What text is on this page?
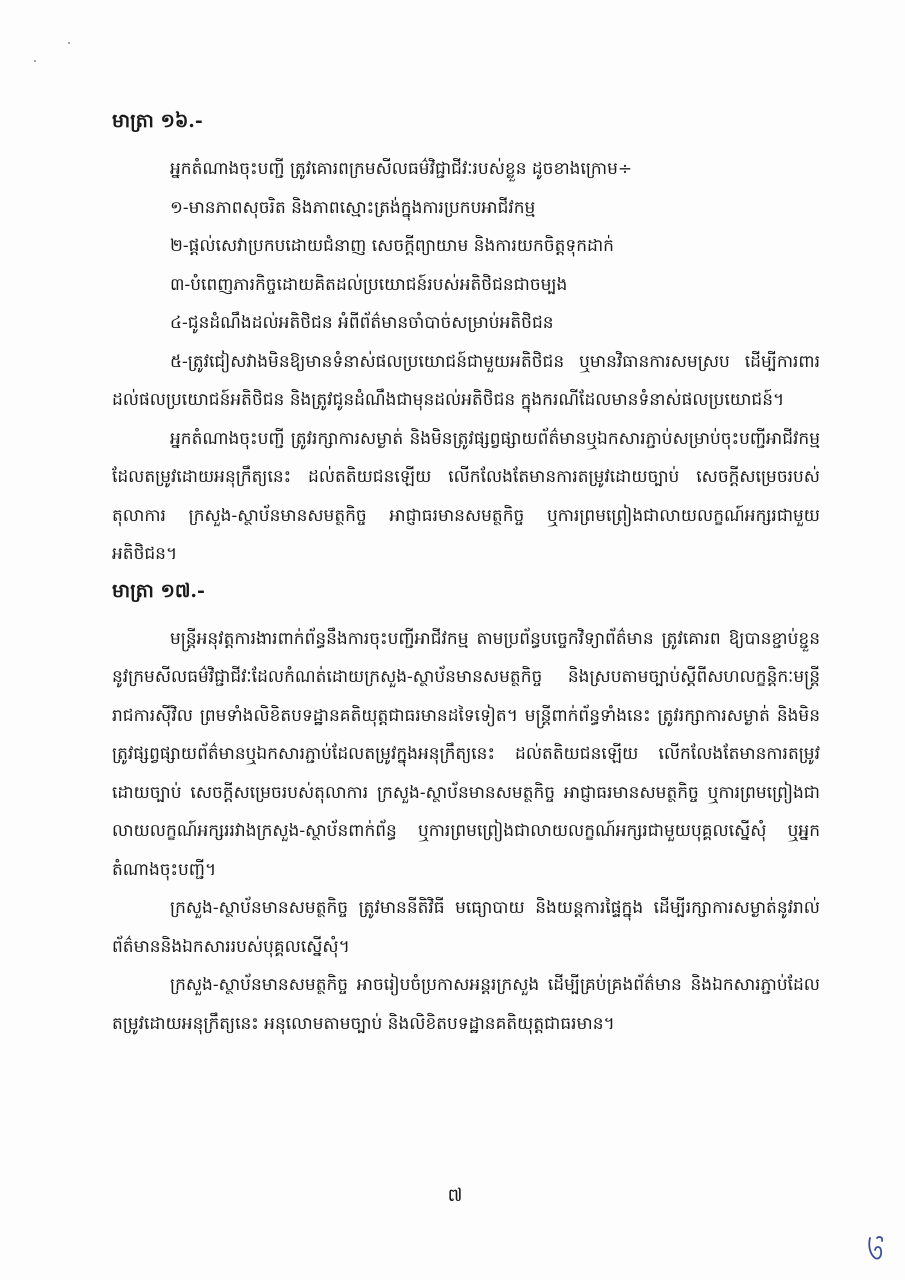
មាត្រា ១៦.-

អ្នកតំណាងចុះបញ្ជី ត្រូវគោរពក្រមសីលធម៌វិជ្ជាជីវៈរបស់ខ្លួន ដូចខាងក្រោម÷

១-មានភាពសុចរិត និងភាពស្មោះត្រង់ក្នុងការប្រកបអាជីវកម្ម

២-ផ្តល់សេវាប្រកបដោយជំនាញ សេចក្តីព្យាយាម និងការយកចិត្តទុកដាក់

៣-បំពេញភារកិច្ចដោយគិតដល់ប្រយោជន៍របស់អតិថិជនជាចម្បង

៤-ជូនដំណឹងដល់អតិថិជន អំពីព័ត៌មានចាំបាច់សម្រាប់អតិថិជន

៥-ត្រូវជៀសវាងមិនឱ្យមានទំនាស់ផលប្រយោជន៍ជាមួយអតិថិជន ឬមានវិធានការសមស្រប ដើម្បីការពារដល់ផលប្រយោជន៍អតិថិជន និងត្រូវជូនដំណឹងជាមុនដល់អតិថិជន ក្នុងករណីដែលមានទំនាស់ផលប្រយោជន៍។

អ្នកតំណាងចុះបញ្ជី ត្រូវរក្សាការសម្ងាត់ និងមិនត្រូវផ្សព្វផ្សាយព័ត៌មានឬឯកសារភ្ជាប់សម្រាប់ចុះបញ្ជីអាជីវកម្មដែលតម្រូវដោយអនុក្រឹត្យនេះ ដល់តតិយជនឡើយ លើកលែងតែមានការតម្រូវដោយច្បាប់ សេចក្តីសម្រេចរបស់តុលាការ ក្រសួង-ស្ថាប័នមានសមត្ថកិច្ច អាជ្ញាធរមានសមត្ថកិច្ច ឬការព្រមព្រៀងជាលាយលក្ខណ៍អក្សរជាមួយអតិថិជន។

មាត្រា ១៧.-

មន្ត្រីអនុវត្តការងារពាក់ព័ន្ធនឹងការចុះបញ្ជីអាជីវកម្ម តាមប្រព័ន្ធបច្ចេកវិទ្យាព័ត៌មាន ត្រូវគោរព ឱ្យបានខ្ជាប់ខ្ជួននូវក្រមសីលធម៌វិជ្ជាជីវៈដែលកំណត់ដោយក្រសួង-ស្ថាប័នមានសមត្ថកិច្ច និងស្របតាមច្បាប់ស្តីពីសហលក្ខន្តិកៈមន្ត្រីរាជការស៊ីវិល ព្រមទាំងលិខិតបទដ្ឋានគតិយុត្តជាធរមានដទៃទៀត។ មន្ត្រីពាក់ព័ន្ធទាំងនេះ ត្រូវរក្សាការសម្ងាត់ និងមិនត្រូវផ្សព្វផ្សាយព័ត៌មានឬឯកសារភ្ជាប់ដែលតម្រូវក្នុងអនុក្រឹត្យនេះ ដល់តតិយជនឡើយ លើកលែងតែមានការតម្រូវដោយច្បាប់ សេចក្តីសម្រេចរបស់តុលាការ ក្រសួង-ស្ថាប័នមានសមត្ថកិច្ច អាជ្ញាធរមានសមត្ថកិច្ច ឬការព្រមព្រៀងជាលាយលក្ខណ៍អក្សររវាងក្រសួង-ស្ថាប័នពាក់ព័ន្ធ ឬការព្រមព្រៀងជាលាយលក្ខណ៍អក្សរជាមួយបុគ្គលស្នើសុំ ឬអ្នកតំណាងចុះបញ្ជី។

ក្រសួង-ស្ថាប័នមានសមត្ថកិច្ច ត្រូវមាននីតិវិធី មធ្យោបាយ និងយន្តការផ្ទៃក្នុង ដើម្បីរក្សាការសម្ងាត់នូវរាល់ព័ត៌មាននិងឯកសាររបស់បុគ្គលស្នើសុំ។

ក្រសួង-ស្ថាប័នមានសមត្ថកិច្ច អាចរៀបចំប្រកាសអន្តរក្រសួង ដើម្បីគ្រប់គ្រងព័ត៌មាន និងឯកសារភ្ជាប់ដែលតម្រូវដោយអនុក្រឹត្យនេះ អនុលោមតាមច្បាប់ និងលិខិតបទដ្ឋានគតិយុត្តជាធរមាន។

៧
